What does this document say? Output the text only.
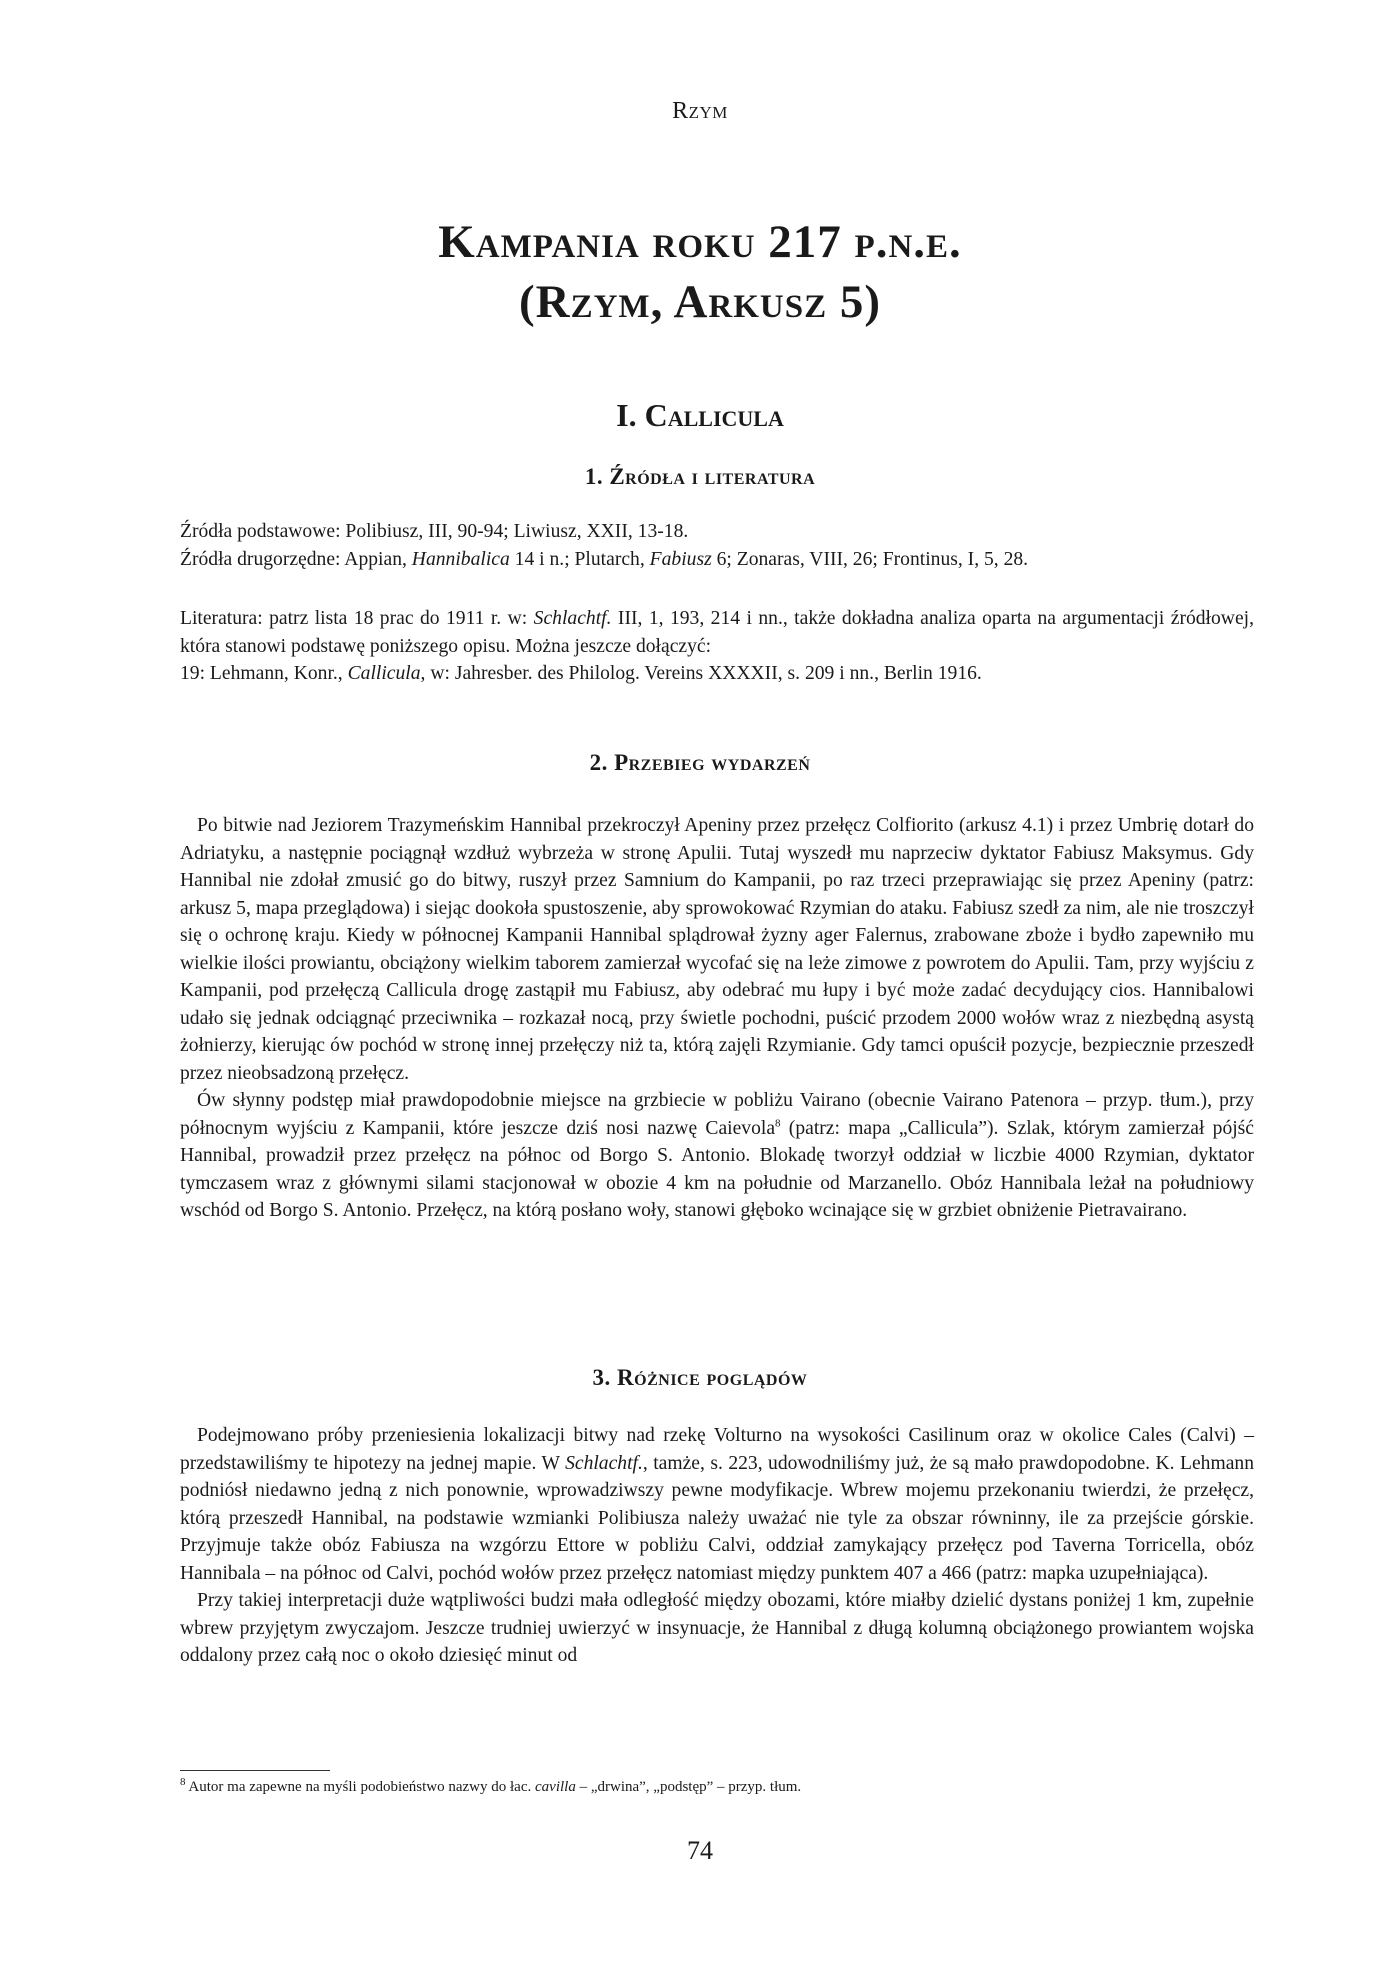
Rzym
Kampania roku 217 p.n.e.
(Rzym, Arkusz 5)
I. Callicula
1. Źródła i literatura

Źródła podstawowe: Polibiusz, III, 90-94; Liwiusz, XXII, 13-18.

Źródła drugorzędne: Appian, Hannibalica 14 i n.; Plutarch, Fabiusz 6; Zonaras, VIII, 26; Frontinus, I, 5, 28.

Literatura: patrz lista 18 prac do 1911 r. w: Schlachtf. III, 1, 193, 214 i nn., także dokładna analiza oparta na argumentacji źródłowej, która stanowi podstawę poniższego opisu. Można jeszcze dołączyć:

19: Lehmann, Konr., Callicula, w: Jahresber. des Philolog. Vereins XXXXII, s. 209 i nn., Berlin 1916.

2. Przebieg wydarzeń

Po bitwie nad Jeziorem Trazymeńskim Hannibal przekroczył Apeniny przez przełęcz Colfiorito (arkusz 4.1) i przez Umbrię dotarł do Adriatyku, a następnie pociągnął wzdłuż wybrzeża w stronę Apulii. Tutaj wyszedł mu naprzeciw dyktator Fabiusz Maksymus. Gdy Hannibal nie zdołał zmusić go do bitwy, ruszył przez Samnium do Kampanii, po raz trzeci przeprawiając się przez Apeniny (patrz: arkusz 5, mapa przeglądowa) i siejąc dookoła spustoszenie, aby sprowokować Rzymian do ataku. Fabiusz szedł za nim, ale nie troszczył się o ochronę kraju. Kiedy w północnej Kampanii Hannibal splądrował żyzny ager Falernus, zrabowane zboże i bydło zapewniło mu wielkie ilości prowiantu, obciążony wielkim taborem zamierzał wycofać się na leże zimowe z powrotem do Apulii. Tam, przy wyjściu z Kampanii, pod przełęczą Callicula drogę zastąpił mu Fabiusz, aby odebrać mu łupy i być może zadać decydujący cios. Hannibalowi udało się jednak odciągnąć przeciwnika – rozkazał nocą, przy świetle pochodni, puścić przodem 2000 wołów wraz z niezbędną asystą żołnierzy, kierując ów pochód w stronę innej przełęczy niż ta, którą zajęli Rzymianie. Gdy tamci opuścił pozycje, bezpiecznie przeszedł przez nieobsadzoną przełęcz.

Ów słynny podstęp miał prawdopodobnie miejsce na grzbiecie w pobliżu Vairano (obecnie Vairano Patenora – przyp. tłum.), przy północnym wyjściu z Kampanii, które jeszcze dziś nosi nazwę Caievola$^8$ (patrz: mapa „Callicula”). Szlak, którym zamierzał pójść Hannibal, prowadził przez przełęcz na północ od Borgo S. Antonio. Blokadę tworzył oddział w liczbie 4000 Rzymian, dyktator tymczasem wraz z głównymi silami stacjonował w obozie 4 km na południe od Marzanello. Obóz Hannibala leżał na południowy wschód od Borgo S. Antonio. Przełęcz, na którą posłano woły, stanowi głęboko wcinające się w grzbiet obniżenie Pietravairano.

3. Różnice poglądów

Podejmowano próby przeniesienia lokalizacji bitwy nad rzekę Volturno na wysokości Casilinum oraz w okolice Cales (Calvi) – przedstawiliśmy te hipotezy na jednej mapie. W Schlachtf., tamże, s. 223, udowodniliśmy już, że są mało prawdopodobne. K. Lehmann podniósł niedawno jedną z nich ponownie, wprowadziwszy pewne modyfikacje. Wbrew mojemu przekonaniu twierdzi, że przełęcz, którą przeszedł Hannibal, na podstawie wzmianki Polibiusza należy uważać nie tyle za obszar równinny, ile za przejście górskie. Przyjmuje także obóz Fabiusza na wzgórzu Ettore w pobliżu Calvi, oddział zamykający przełęcz pod Taverna Torricella, obóz Hannibala – na północ od Calvi, pochód wołów przez przełęcz natomiast między punktem 407 a 466 (patrz: mapka uzupełniająca).

Przy takiej interpretacji duże wątpliwości budzi mała odległość między obozami, które miałby dzielić dystans poniżej 1 km, zupełnie wbrew przyjętym zwyczajom. Jeszcze trudniej uwierzyć w insynuacje, że Hannibal z długą kolumną obciążonego prowiantem wojska oddalony przez całą noc o około dziesięć minut od

$^8$ Autor ma zapewne na myśli podobieństwo nazwy do łac. cavilla – „drwina”, „podstęp” – przyp. tłum.
74
